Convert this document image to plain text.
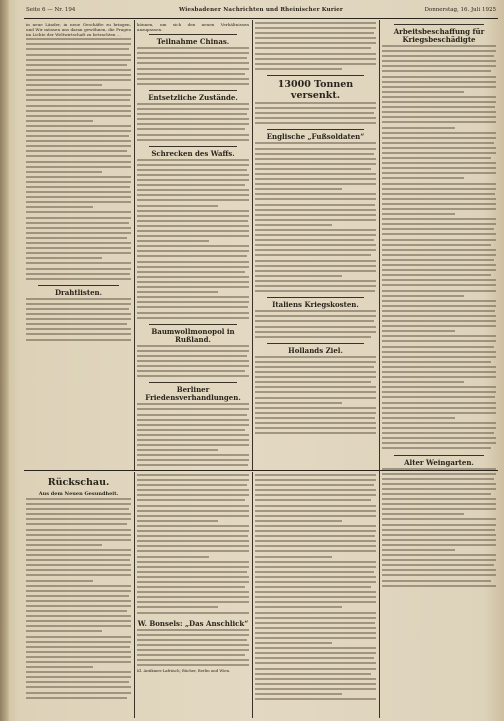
Seite 6 — Nr. 194	Wiesbadener Nachrichten und Rheinischer Kurier	Donnerstag, 16. Juli 1925

in neue Länder, in neue Geschäfte zu bringen, und Wir müssen uns daran gewöhnen, die Fragen im Lichte der Weltwirtschaft zu betrachten ...

Drahtlisten.

können, um sich den neuen Verhältnissen anzupassen.

Teilnahme Chinas.
Entsetzliche Zustände.
Schrecken des Waffs.
Baumwollmonopol in Rußland.
Berliner Friedensverhandlungen.
13000 Tonnen versenkt.
Englische „Fußsoldaten“
Italiens Kriegskosten.
Hollands Ziel.
Arbeitsbeschaffung für Kriegsbeschädigte
Alter Weingarten.
Rückschau.
Aus dem Neuen Gesundheit.
W. Bonsels: „Das Anschlick“
Kl. Antikmes-Lafräsch; Bücher, Berlin und Wien.
